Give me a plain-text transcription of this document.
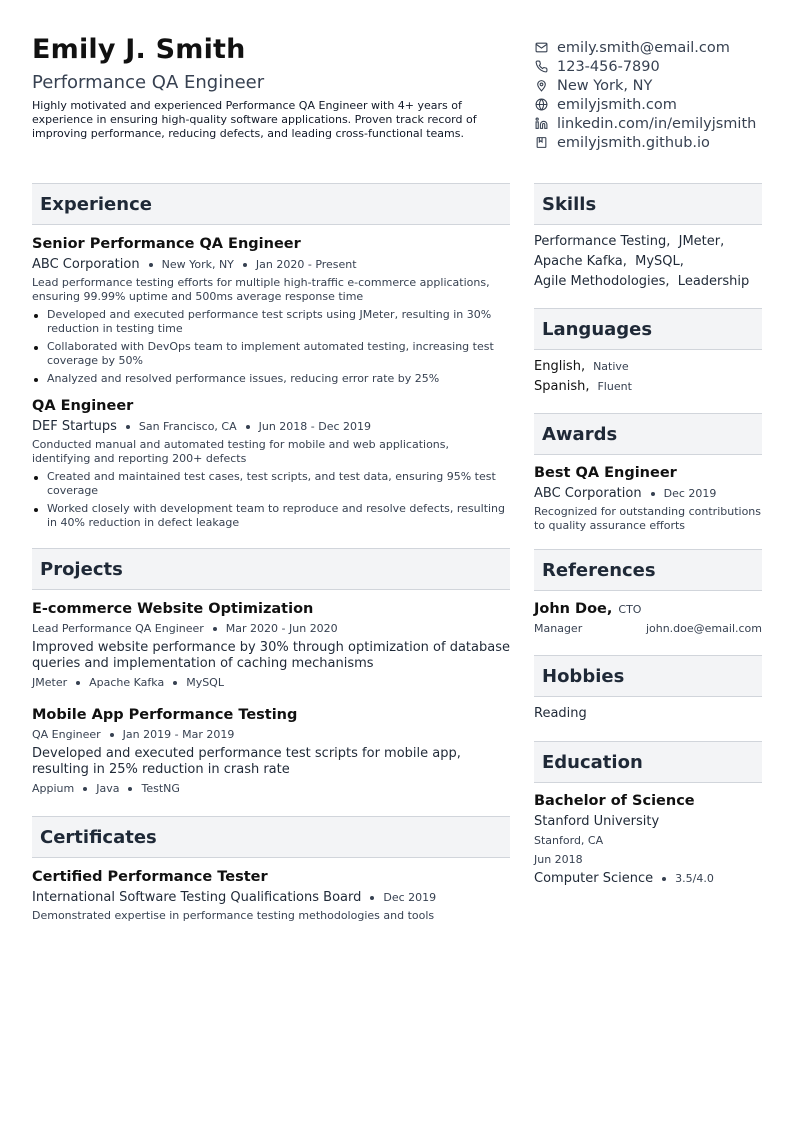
Emily J. Smith
Performance QA Engineer
Highly motivated and experienced Performance QA Engineer with 4+ years of experience in ensuring high-quality software applications. Proven track record of improving performance, reducing defects, and leading cross-functional teams.
emily.smith@email.com
123-456-7890
New York, NY
emilyjsmith.com
linkedin.com/in/emilyjsmith
emilyjsmith.github.io
Experience
Senior Performance QA Engineer
ABC Corporation New York, NY Jan 2020 - Present
Lead performance testing efforts for multiple high-traffic e-commerce applications, ensuring 99.99% uptime and 500ms average response time
Developed and executed performance test scripts using JMeter, resulting in 30% reduction in testing time
Collaborated with DevOps team to implement automated testing, increasing test coverage by 50%
Analyzed and resolved performance issues, reducing error rate by 25%
QA Engineer
DEF Startups San Francisco, CA Jun 2018 - Dec 2019
Conducted manual and automated testing for mobile and web applications, identifying and reporting 200+ defects
Created and maintained test cases, test scripts, and test data, ensuring 95% test coverage
Worked closely with development team to reproduce and resolve defects, resulting in 40% reduction in defect leakage
Projects
E-commerce Website Optimization
Lead Performance QA Engineer Mar 2020 - Jun 2020
Improved website performance by 30% through optimization of database queries and implementation of caching mechanisms
JMeter Apache Kafka MySQL
Mobile App Performance Testing
QA Engineer Jan 2019 - Mar 2019
Developed and executed performance test scripts for mobile app, resulting in 25% reduction in crash rate
Appium Java TestNG
Certificates
Certified Performance Tester
International Software Testing Qualifications Board Dec 2019
Demonstrated expertise in performance testing methodologies and tools
Skills
Performance Testing,  JMeter,
Apache Kafka,  MySQL,
Agile Methodologies,  Leadership
Languages
English, Native
Spanish, Fluent
Awards
Best QA Engineer
ABC Corporation Dec 2019
Recognized for outstanding contributions to quality assurance efforts
References
John Doe, CTO
Manager	john.doe@email.com
Hobbies
Reading
Education
Bachelor of Science
Stanford University
Stanford, CA
Jun 2018
Computer Science 3.5/4.0
